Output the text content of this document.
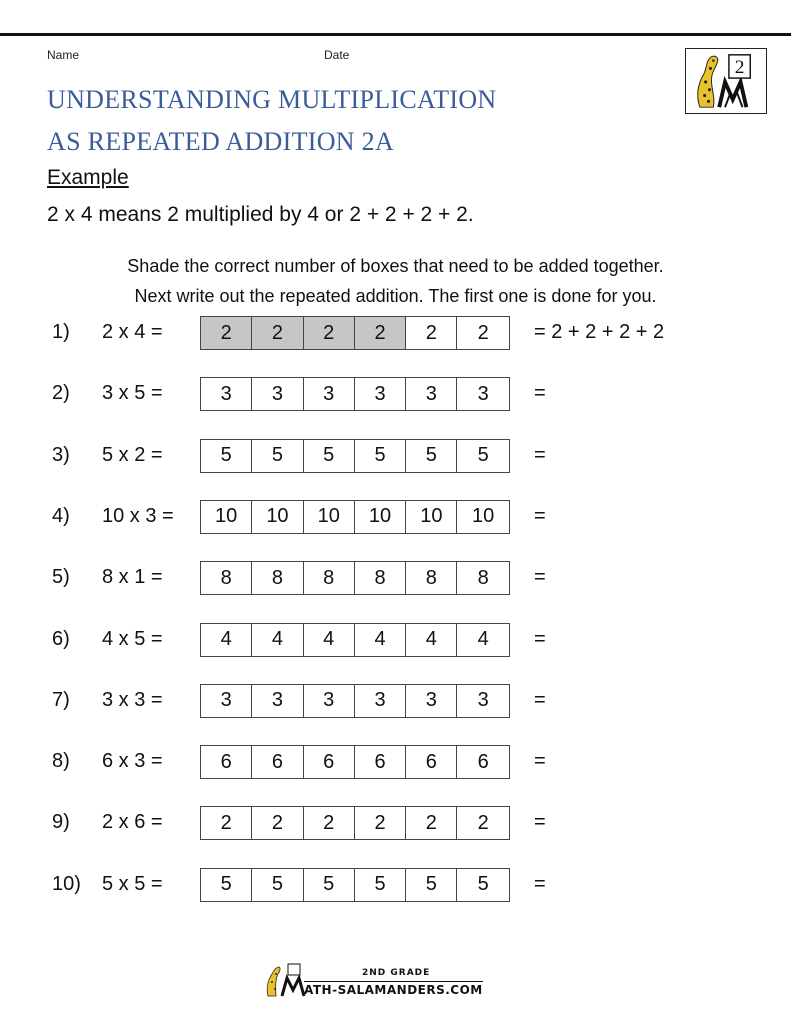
Name	Date
2
UNDERSTANDING MULTIPLICATION
AS REPEATED ADDITION 2A
Example
2 x 4 means 2 multiplied by 4 or 2 + 2 + 2 + 2.
Shade the correct number of boxes that need to be added together.
Next write out the repeated addition. The first one is done for you.
1) 2 x 4 =	2	2	2	2	2	2	= 2 + 2 + 2 + 2
2) 3 x 5 =	3	3	3	3	3	3	=
3) 5 x 2 =	5	5	5	5	5	5	=
4) 10 x 3 =	10	10	10	10	10	10	=
5) 8 x 1 =	8	8	8	8	8	8	=
6) 4 x 5 =	4	4	4	4	4	4	=
7) 3 x 3 =	3	3	3	3	3	3	=
8) 6 x 3 =	6	6	6	6	6	6	=
9) 2 x 6 =	2	2	2	2	2	2	=
10) 5 x 5 =	5	5	5	5	5	5	=
2ND GRADE
ATH-SALAMANDERS.COM
